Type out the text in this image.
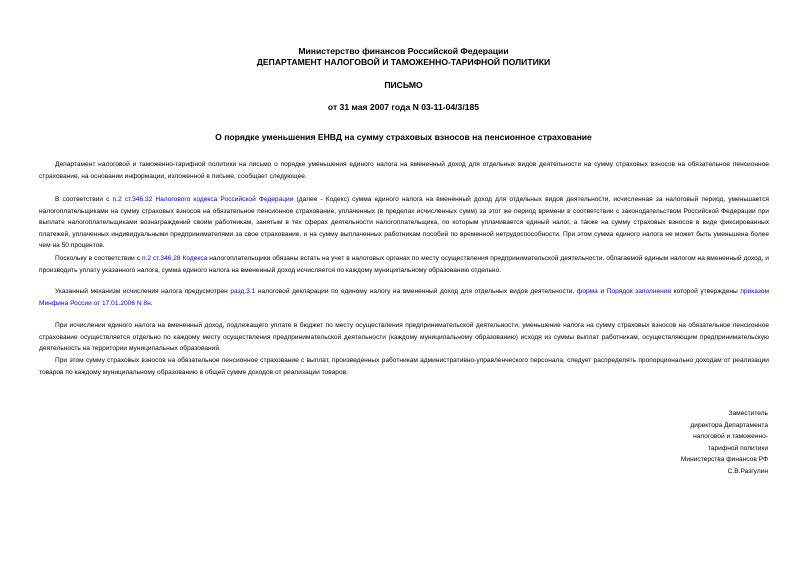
Министерство финансов Российской Федерации
ДЕПАРТАМЕНТ НАЛОГОВОЙ И ТАМОЖЕННО-ТАРИФНОЙ ПОЛИТИКИ
ПИСЬМО
от 31 мая 2007 года N 03-11-04/3/185
О порядке уменьшения ЕНВД на сумму страховых взносов на пенсионное страхование

Департамент налоговой и таможенно-тарифной политики на письмо о порядке уменьшения единого налога на вмененный доход для отдельных видов деятельности на сумму страховых взносов на обязательное пенсионное страхование, на основании информации, изложенной в письме, сообщает следующее.

В соответствии с п.2 ст.346.32 Налогового кодекса Российской Федерации (далее - Кодекс) сумма единого налога на вмененный доход для отдельных видов деятельности, исчисленная за налоговый период, уменьшается налогоплательщиками на сумму страховых взносов на обязательное пенсионное страхование, уплаченных (в пределах исчисленных сумм) за этот же период времени в соответствии с законодательством Российской Федерации при выплате налогоплательщиками вознаграждений своим работникам, занятым в тех сферах деятельности налогоплательщика, по которым уплачивается единый налог, а также на сумму страховых взносов в виде фиксированных платежей, уплаченных индивидуальными предпринимателями за свое страхование, и на сумму выплаченных работникам пособий по временной нетрудоспособности. При этом сумма единого налога не может быть уменьшена более чем на 50 процентов.

Поскольку в соответствии с п.2 ст.346.28 Кодекса налогоплательщики обязаны встать на учет в налоговых органах по месту осуществления предпринимательской деятельности, облагаемой единым налогом на вмененный доход, и производить уплату указанного налога, сумма единого налога на вмененный доход исчисляется по каждому муниципальному образованию отдельно.

Указанный механизм исчисления налога предусмотрен разд.3.1 налоговой декларации по единому налогу на вмененный доход для отдельных видов деятельности, форма и Порядок заполнения которой утверждены приказом Минфина России от 17.01.2006 N 8н.

При исчислении единого налога на вмененный доход, подлежащего уплате в бюджет по месту осуществления предпринимательской деятельности, уменьшение налога на сумму страховых взносов на обязательное пенсионное страхование осуществляется отдельно по каждому месту осуществления предпринимательской деятельности (каждому муниципальному образованию) исходя из суммы выплат работникам, осуществляющим предпринимательскую деятельность на территории муниципальных образований.

При этом сумму страховых взносов на обязательное пенсионное страхование с выплат, произведенных работникам административно-управленческого персонала, следует распределять пропорционально доходам от реализации товаров по каждому муниципальному образованию в общей сумме доходов от реализации товаров.

Заместитель
директора Департамента
налоговой и таможенно-
тарифной политики
Министерства финансов РФ
С.В.Разгулин
